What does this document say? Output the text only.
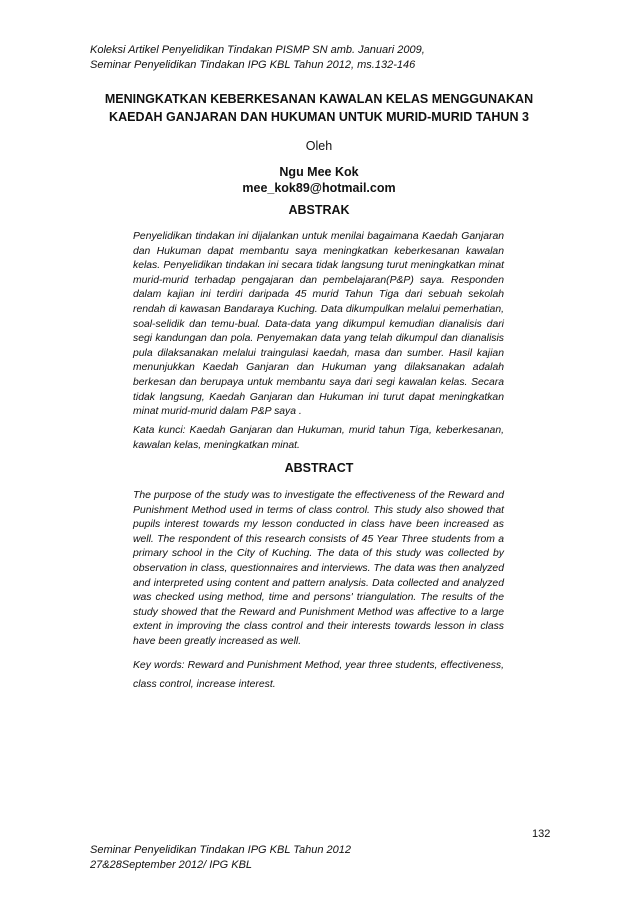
Koleksi Artikel Penyelidikan Tindakan PISMP SN amb. Januari 2009,
Seminar Penyelidikan Tindakan IPG KBL Tahun 2012, ms.132-146
MENINGKATKAN KEBERKESANAN KAWALAN KELAS MENGGUNAKAN
KAEDAH GANJARAN DAN HUKUMAN UNTUK MURID-MURID TAHUN 3
Oleh
Ngu Mee Kok
mee_kok89@hotmail.com
ABSTRAK
Penyelidikan tindakan ini dijalankan untuk menilai bagaimana Kaedah Ganjaran dan Hukuman dapat membantu saya meningkatkan keberkesanan kawalan kelas. Penyelidikan tindakan ini secara tidak langsung turut meningkatkan minat murid-murid terhadap pengajaran dan pembelajaran(P&P) saya. Responden dalam kajian ini terdiri daripada 45 murid Tahun Tiga dari sebuah sekolah rendah di kawasan Bandaraya Kuching. Data dikumpulkan melalui pemerhatian, soal-selidik dan temu-bual. Data-data yang dikumpul kemudian dianalisis dari segi kandungan dan pola. Penyemakan data yang telah dikumpul dan dianalisis pula dilaksanakan melalui traingulasi kaedah, masa dan sumber. Hasil kajian menunjukkan Kaedah Ganjaran dan Hukuman yang dilaksanakan adalah berkesan dan berupaya untuk membantu saya dari segi kawalan kelas. Secara tidak langsung, Kaedah Ganjaran dan Hukuman ini turut dapat meningkatkan minat murid-murid dalam P&P saya .
Kata kunci: Kaedah Ganjaran dan Hukuman, murid tahun Tiga, keberkesanan, kawalan kelas, meningkatkan minat.
ABSTRACT
The purpose of the study was to investigate the effectiveness of the Reward and Punishment Method used in terms of class control. This study also showed that pupils interest towards my lesson conducted in class have been increased as well. The respondent of this research consists of 45 Year Three students from a primary school in the City of Kuching. The data of this study was collected by observation in class, questionnaires and interviews. The data was then analyzed and interpreted using content and pattern analysis. Data collected and analyzed was checked using method, time and persons' triangulation. The results of the study showed that the Reward and Punishment Method was affective to a large extent in improving the class control and their interests towards lesson in class have been greatly increased as well.
Key words: Reward and Punishment Method, year three students, effectiveness, class control, increase interest.
132
Seminar Penyelidikan Tindakan IPG KBL Tahun 2012
27&28September 2012/ IPG KBL
